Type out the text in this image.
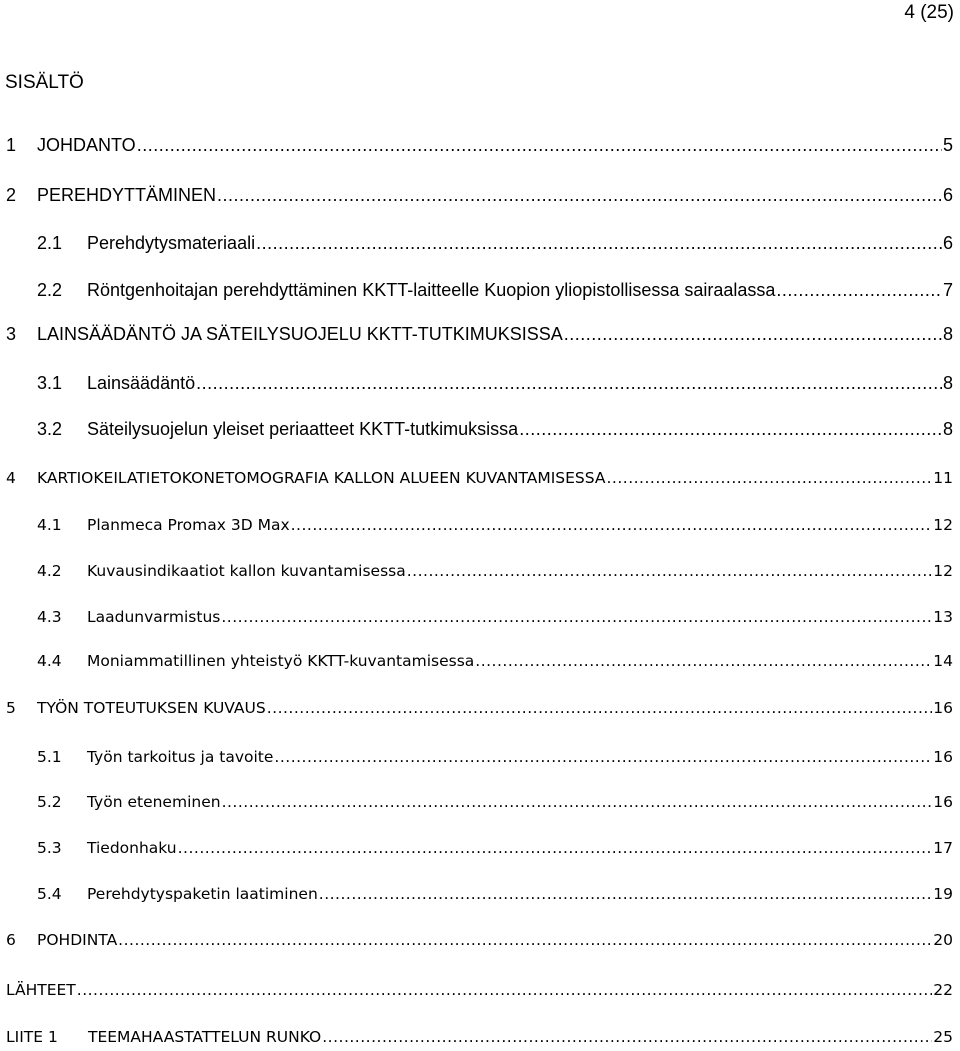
4 (25)
SISÄLTÖ
1	JOHDANTO .....	5
2	PEREHDYTTÄMINEN .....	6
2.1	Perehdytysmateriaali .....	6
2.2	Röntgenhoitajan perehdyttäminen KKTT-laitteelle Kuopion yliopistollisessa sairaalassa .....	7
3	LAINSÄÄDÄNTÖ JA SÄTEILYSUOJELU KKTT-TUTKIMUKSISSA .....	8
3.1	Lainsäädäntö .....	8
3.2	Säteilysuojelun yleiset periaatteet KKTT-tutkimuksissa .....	8
4	KARTIOKEILATIETOKONETOMOGRAFIA KALLON ALUEEN KUVANTAMISESSA .....	11
4.1	Planmeca Promax 3D Max .....	12
4.2	Kuvausindikaatiot kallon kuvantamisessa .....	12
4.3	Laadunvarmistus .....	13
4.4	Moniammatillinen yhteistyö KKTT-kuvantamisessa .....	14
5	TYÖN TOTEUTUKSEN KUVAUS .....	16
5.1	Työn tarkoitus ja tavoite .....	16
5.2	Työn eteneminen .....	16
5.3	Tiedonhaku .....	17
5.4	Perehdytyspaketin laatiminen .....	19
6	POHDINTA .....	20
LÄHTEET .....	22
LIITE 1	TEEMAHAASTATTELUN RUNKO .....	25
